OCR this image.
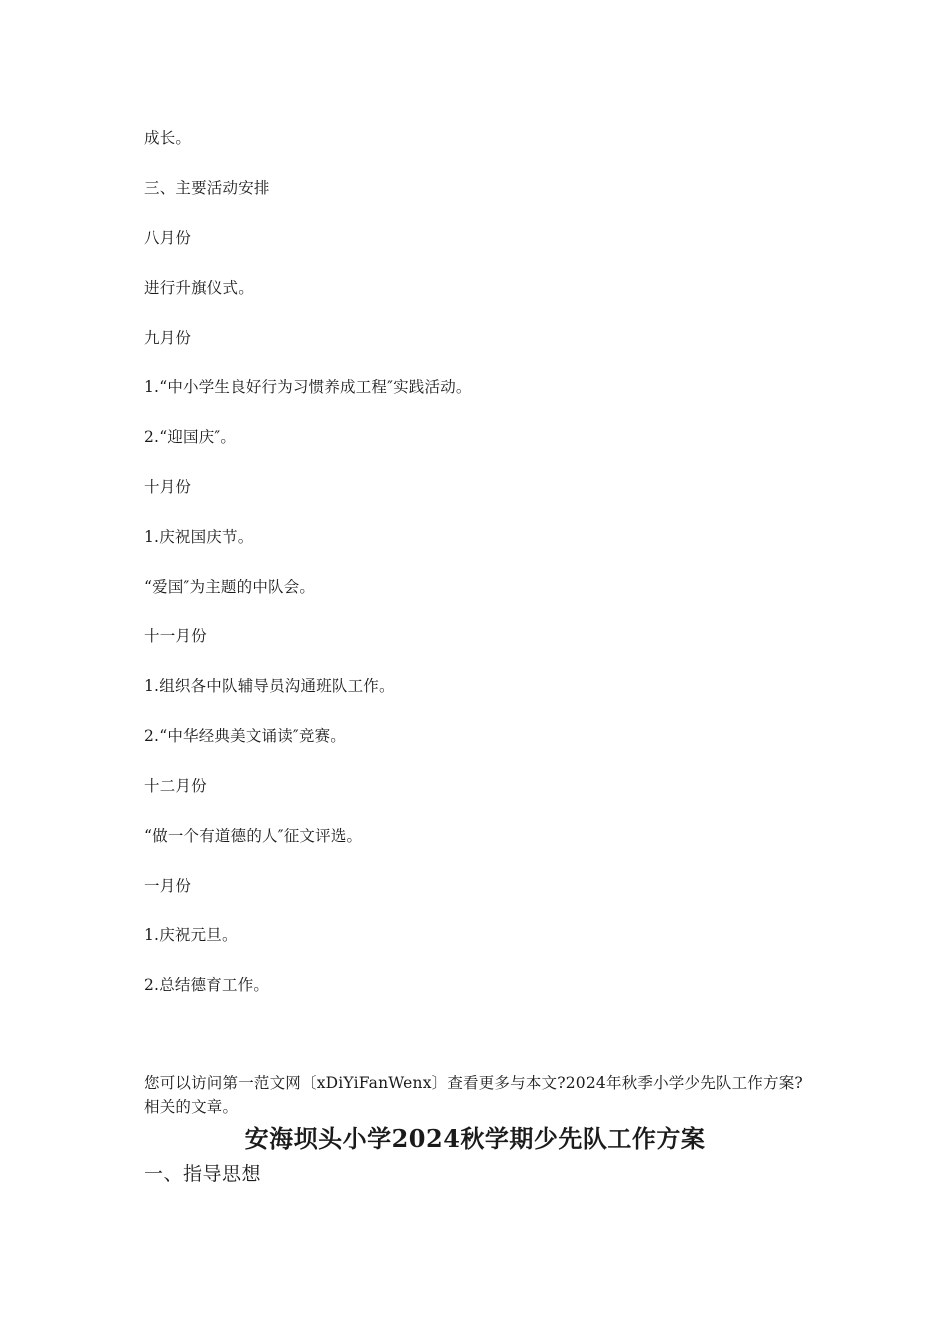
成长。
三、主要活动安排
八月份
进行升旗仪式。
九月份
1.“中小学生良好行为习惯养成工程″实践活动。
2.“迎国庆″。
十月份
1.庆祝国庆节。
“爱国″为主题的中队会。
十一月份
1.组织各中队辅导员沟通班队工作。
2.“中华经典美文诵读″竞赛。
十二月份
“做一个有道德的人″征文评选。
一月份
1.庆祝元旦。
2.总结德育工作。
您可以访问第一范文网〔xDiYiFanWenx〕查看更多与本文?2024年秋季小学少先队工作方案?相关的文章。
安海坝头小学2024秋学期少先队工作方案
一、指导思想
